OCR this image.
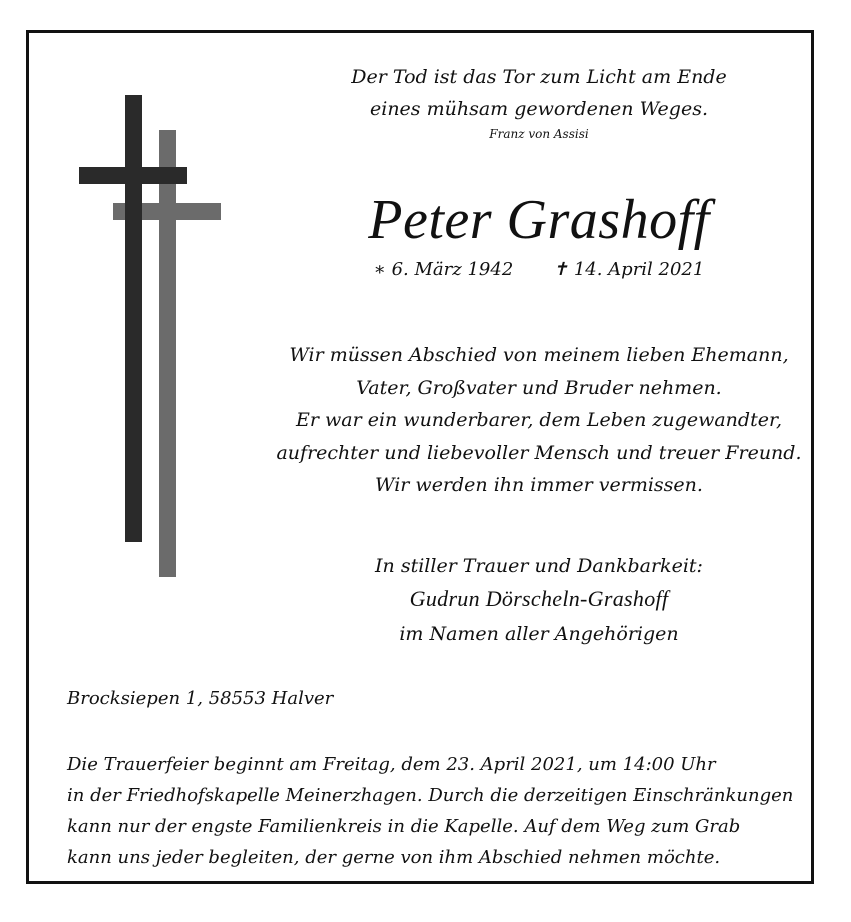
Der Tod ist das Tor zum Licht am Ende
eines mühsam gewordenen Weges.
Franz von Assisi
Peter Grashoff
∗ 6. März 1942 ✝ 14. April 2021
Wir müssen Abschied von meinem lieben Ehemann,
Vater, Großvater und Bruder nehmen.
Er war ein wunderbarer, dem Leben zugewandter,
aufrechter und liebevoller Mensch und treuer Freund.
Wir werden ihn immer vermissen.
In stiller Trauer und Dankbarkeit:
Gudrun Dörscheln-Grashoff
im Namen aller Angehörigen
Brocksiepen 1, 58553 Halver
Die Trauerfeier beginnt am Freitag, dem 23. April 2021, um 14:00 Uhr
in der Friedhofskapelle Meinerzhagen. Durch die derzeitigen Einschränkungen
kann nur der engste Familienkreis in die Kapelle. Auf dem Weg zum Grab
kann uns jeder begleiten, der gerne von ihm Abschied nehmen möchte.
